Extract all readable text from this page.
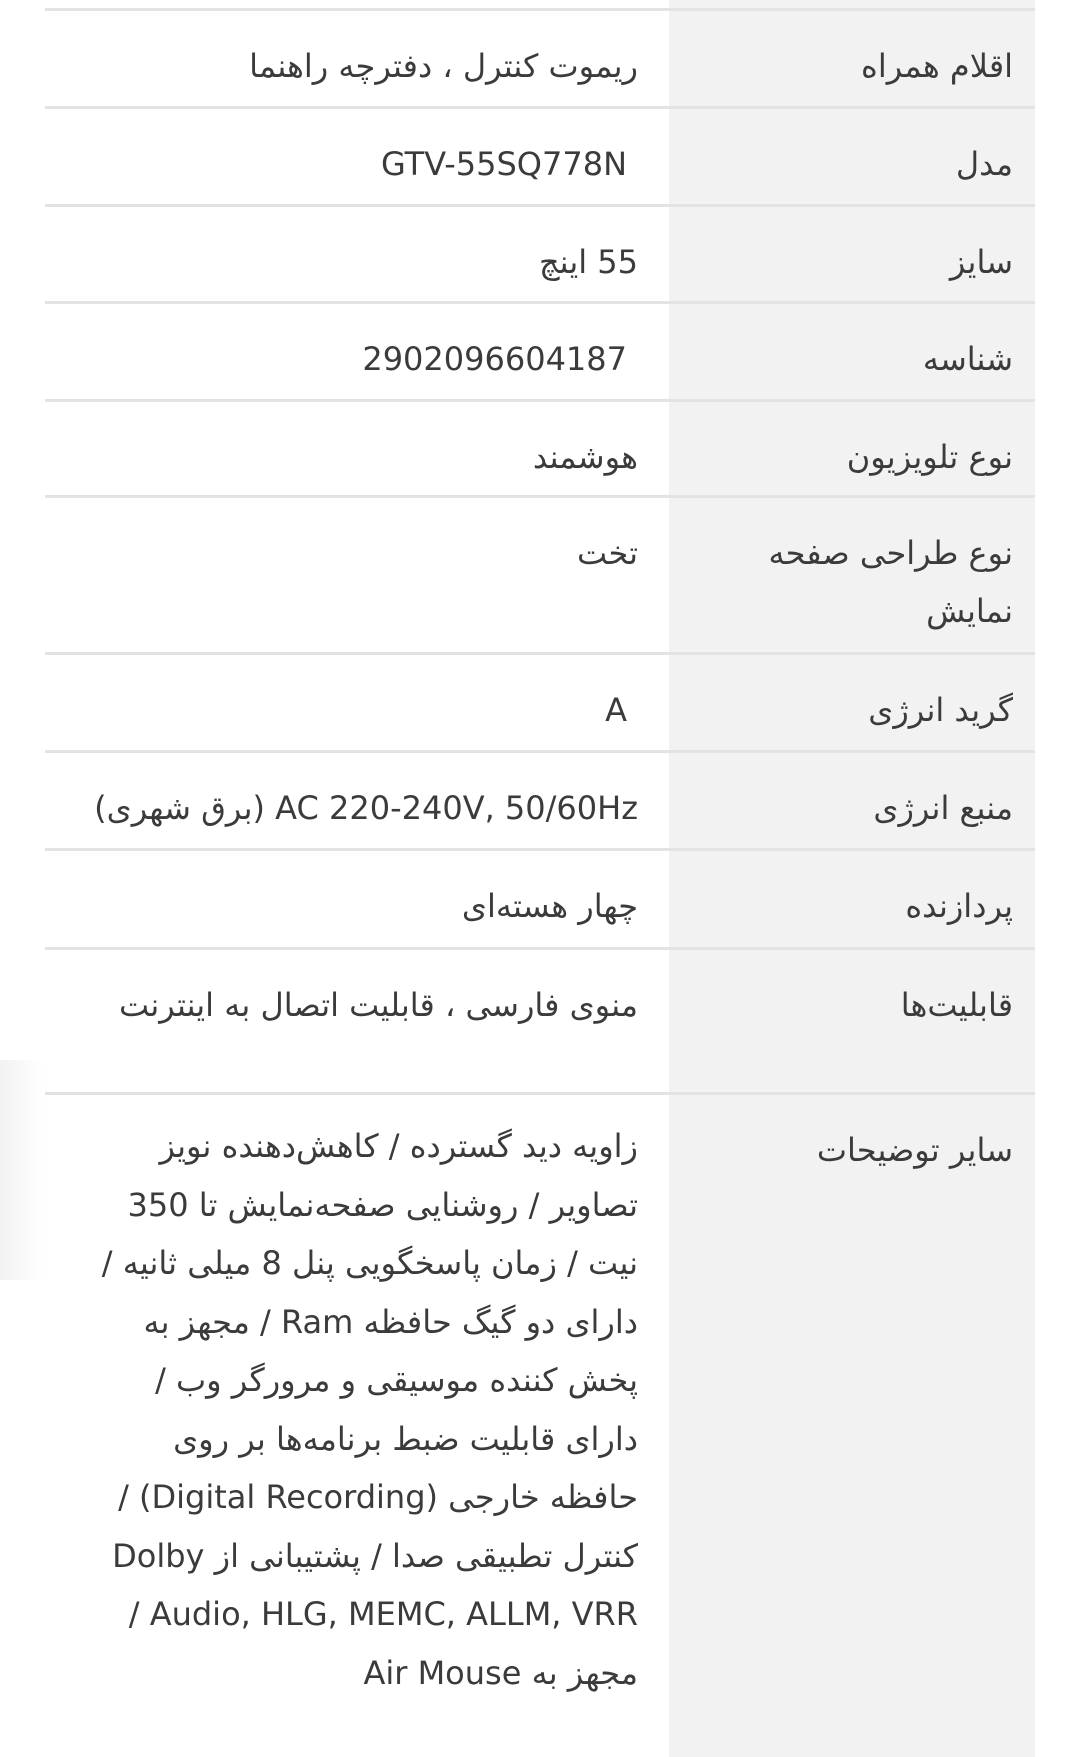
اقلام همراه
ریموت کنترل ، دفترچه راهنما
مدل
GTV-55SQ778N
سایز
55 اینچ
شناسه
2902096604187
نوع تلویزیون
هوشمند
نوع طراحی صفحه نمایش
تخت
گرید انرژی
A
منبع انرژی
AC 220-240V, 50/60Hz (برق شهری)
پردازنده
چهار هسته‌ای
قابلیت‌ها
منوی فارسی ، قابلیت اتصال به اینترنت
سایر توضیحات
زاویه دید گسترده / کاهش‌دهنده نویز تصاویر / روشنایی صفحه‌نمایش تا 350 نیت / زمان پاسخگویی پنل 8 میلی ثانیه / دارای دو گیگ حافظه Ram / مجهز به پخش کننده موسیقی و مرورگر وب / دارای قابلیت ضبط برنامه‌ها بر روی حافظه خارجی (Digital Recording) / کنترل تطبیقی صدا / پشتیبانی از Dolby Audio, HLG, MEMC, ALLM, VRR / مجهز به Air Mouse
